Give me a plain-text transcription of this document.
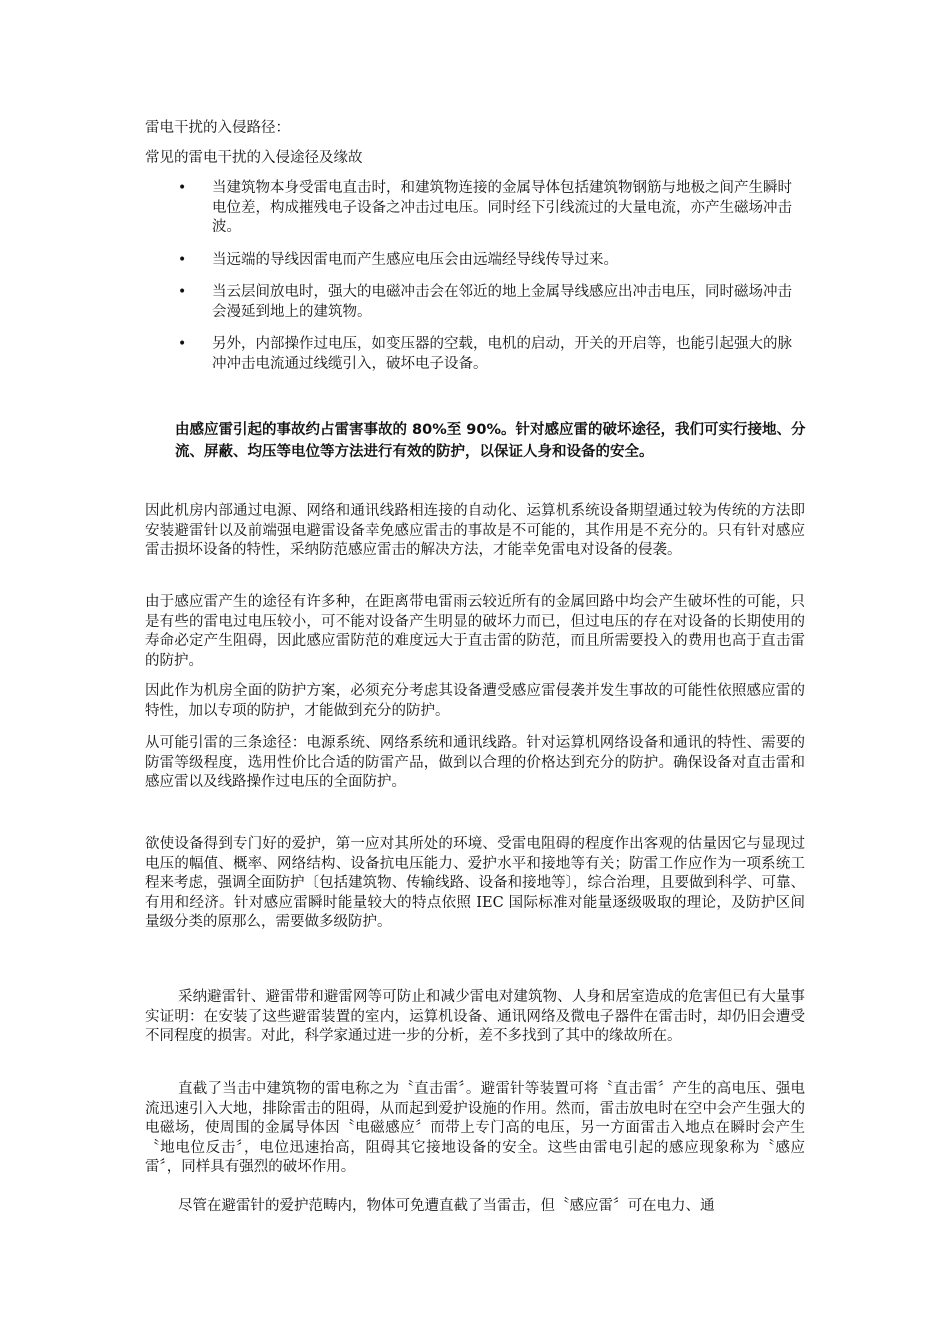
雷电干扰的入侵路径：
常见的雷电干扰的入侵途径及缘故
• 当建筑物本身受雷电直击时，和建筑物连接的金属导体包括建筑物钢筋与地极之间产生瞬时电位差，构成摧残电子设备之冲击过电压。同时经下引线流过的大量电流，亦产生磁场冲击波。
• 当远端的导线因雷电而产生感应电压会由远端经导线传导过来。
• 当云层间放电时，强大的电磁冲击会在邻近的地上金属导线感应出冲击电压，同时磁场冲击会漫延到地上的建筑物。
• 另外，内部操作过电压，如变压器的空载，电机的启动，开关的开启等，也能引起强大的脉冲冲击电流通过线缆引入，破坏电子设备。
由感应雷引起的事故约占雷害事故的 80%至 90%。针对感应雷的破坏途径，我们可实行接地、分流、屏蔽、均压等电位等方法进行有效的防护，以保证人身和设备的安全。

因此机房内部通过电源、网络和通讯线路相连接的自动化、运算机系统设备期望通过较为传统的方法即安装避雷针以及前端强电避雷设备幸免感应雷击的事故是不可能的，其作用是不充分的。只有针对感应雷击损坏设备的特性，采纳防范感应雷击的解决方法，才能幸免雷电对设备的侵袭。

由于感应雷产生的途径有许多种，在距离带电雷雨云较近所有的金属回路中均会产生破坏性的可能，只是有些的雷电过电压较小，可不能对设备产生明显的破坏力而已，但过电压的存在对设备的长期使用的寿命必定产生阻碍，因此感应雷防范的难度远大于直击雷的防范，而且所需要投入的费用也高于直击雷的防护。

因此作为机房全面的防护方案，必须充分考虑其设备遭受感应雷侵袭并发生事故的可能性依照感应雷的特性，加以专项的防护，才能做到充分的防护。

从可能引雷的三条途径：电源系统、网络系统和通讯线路。针对运算机网络设备和通讯的特性、需要的防雷等级程度，选用性价比合适的防雷产品，做到以合理的价格达到充分的防护。确保设备对直击雷和感应雷以及线路操作过电压的全面防护。

欲使设备得到专门好的爱护，第一应对其所处的环境、受雷电阻碍的程度作出客观的估量因它与显现过电压的幅值、概率、网络结构、设备抗电压能力、爱护水平和接地等有关；防雷工作应作为一项系统工程来考虑，强调全面防护〔包括建筑物、传输线路、设备和接地等〕，综合治理，且要做到科学、可靠、有用和经济。针对感应雷瞬时能量较大的特点依照 IEC 国际标准对能量逐级吸取的理论，及防护区间量级分类的原那么，需要做多级防护。

采纳避雷针、避雷带和避雷网等可防止和减少雷电对建筑物、人身和居室造成的危害但已有大量事实证明：在安装了这些避雷装置的室内，运算机设备、通讯网络及微电子器件在雷击时，却仍旧会遭受不同程度的损害。对此，科学家通过进一步的分析，差不多找到了其中的缘故所在。

直截了当击中建筑物的雷电称之为〝直击雷〞。避雷针等装置可将〝直击雷〞产生的高电压、强电流迅速引入大地，排除雷击的阻碍，从而起到爱护设施的作用。然而，雷击放电时在空中会产生强大的电磁场，使周围的金属导体因〝电磁感应〞而带上专门高的电压，另一方面雷击入地点在瞬时会产生〝地电位反击〞，电位迅速抬高，阻碍其它接地设备的安全。这些由雷电引起的感应现象称为〝感应雷〞，同样具有强烈的破坏作用。

尽管在避雷针的爱护范畴内，物体可免遭直截了当雷击，但〝感应雷〞可在电力、通
